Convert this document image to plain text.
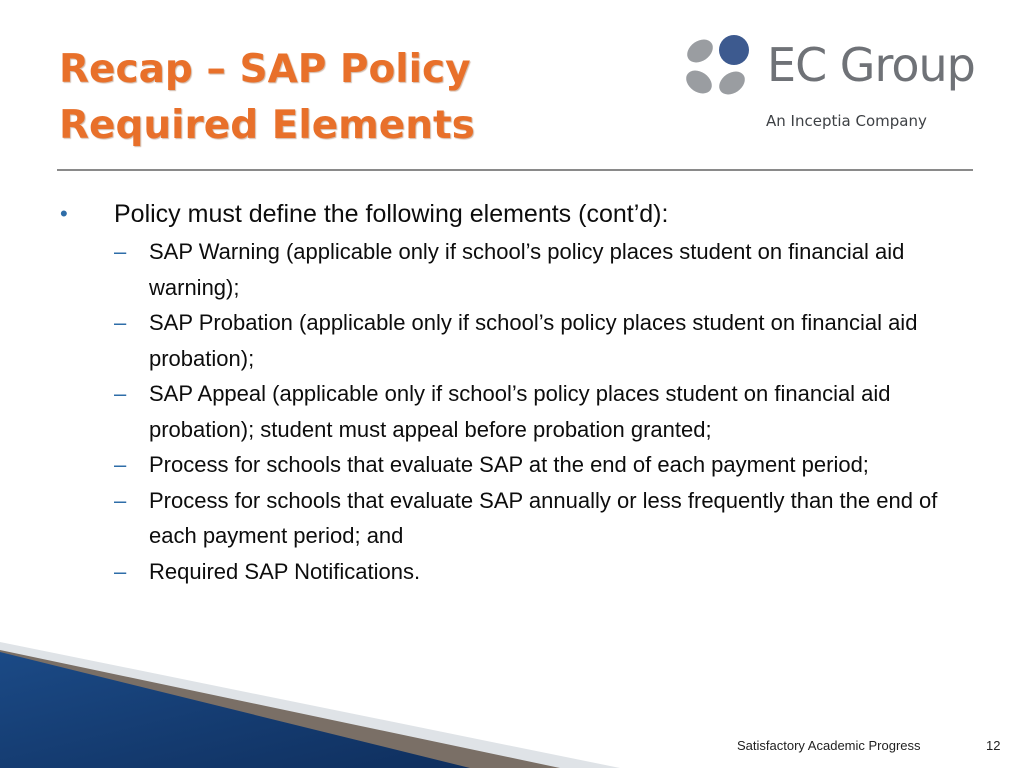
Recap – SAP Policy
Required Elements
EC Group
An Inceptia Company
• Policy must define the following elements (cont’d):
– SAP Warning (applicable only if school’s policy places student on financial aid warning);
– SAP Probation (applicable only if school’s policy places student on financial aid probation);
– SAP Appeal (applicable only if school’s policy places student on financial aid probation); student must appeal before probation granted;
– Process for schools that evaluate SAP at the end of each payment period;
– Process for schools that evaluate SAP annually or less frequently than the end of each payment period; and
– Required SAP Notifications.
Satisfactory Academic Progress	12
